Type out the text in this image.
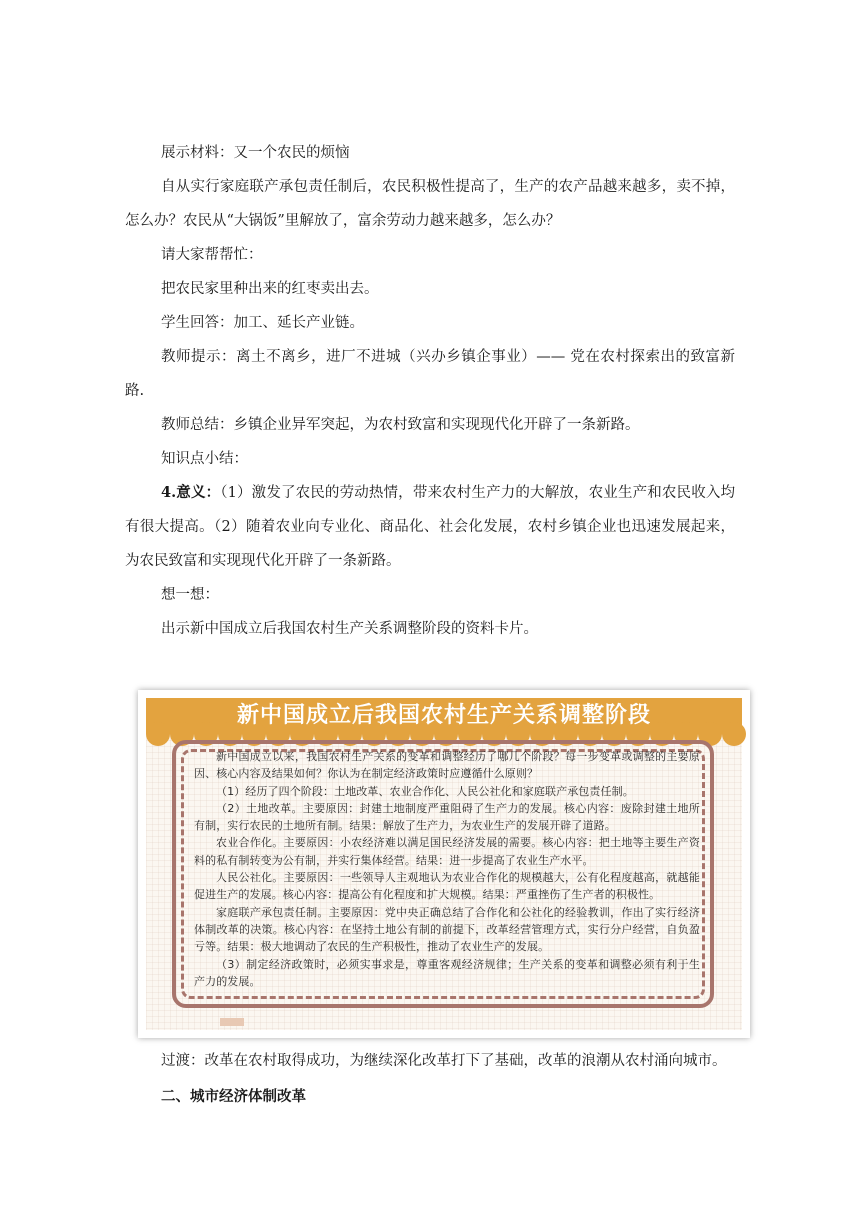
展示材料：又一个农民的烦恼

自从实行家庭联产承包责任制后，农民积极性提高了，生产的农产品越来越多，卖不掉，怎么办？农民从“大锅饭”里解放了，富余劳动力越来越多，怎么办？

请大家帮帮忙：

把农民家里种出来的红枣卖出去。

学生回答：加工、延长产业链。

教师提示：离土不离乡，进厂不进城（兴办乡镇企事业）—— 党在农村探索出的致富新路.

教师总结：乡镇企业异军突起，为农村致富和实现现代化开辟了一条新路。

知识点小结：

4.意义：（1）激发了农民的劳动热情，带来农村生产力的大解放，农业生产和农民收入均有很大提高。（2）随着农业向专业化、商品化、社会化发展，农村乡镇企业也迅速发展起来，为农民致富和实现现代化开辟了一条新路。

想一想：

出示新中国成立后我国农村生产关系调整阶段的资料卡片。

新中国成立后我国农村生产关系调整阶段

新中国成立以来，我国农村生产关系的变革和调整经历了哪几个阶段？每一步变革或调整的主要原因、核心内容及结果如何？你认为在制定经济政策时应遵循什么原则？

（1）经历了四个阶段：土地改革、农业合作化、人民公社化和家庭联产承包责任制。

（2）土地改革。主要原因：封建土地制度严重阻碍了生产力的发展。核心内容：废除封建土地所有制，实行农民的土地所有制。结果：解放了生产力，为农业生产的发展开辟了道路。

农业合作化。主要原因：小农经济难以满足国民经济发展的需要。核心内容：把土地等主要生产资料的私有制转变为公有制，并实行集体经营。结果：进一步提高了农业生产水平。

人民公社化。主要原因：一些领导人主观地认为农业合作化的规模越大，公有化程度越高，就越能促进生产的发展。核心内容：提高公有化程度和扩大规模。结果：严重挫伤了生产者的积极性。

家庭联产承包责任制。主要原因：党中央正确总结了合作化和公社化的经验教训，作出了实行经济体制改革的决策。核心内容：在坚持土地公有制的前提下，改革经营管理方式，实行分户经营，自负盈亏等。结果：极大地调动了农民的生产积极性，推动了农业生产的发展。

（3）制定经济政策时，必须实事求是，尊重客观经济规律；生产关系的变革和调整必须有利于生产力的发展。

过渡：改革在农村取得成功，为继续深化改革打下了基础，改革的浪潮从农村涌向城市。

二、城市经济体制改革
